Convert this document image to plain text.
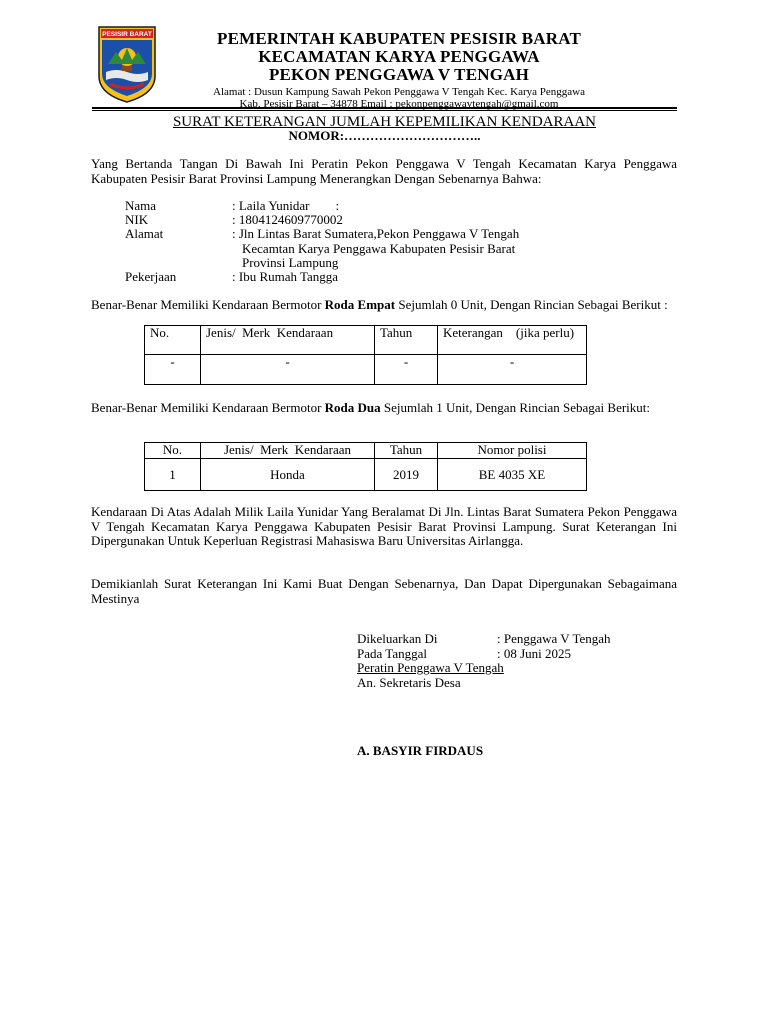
PESISIR BARAT	PEMERINTAH KABUPATEN PESISIR BARAT
KECAMATAN KARYA PENGGAWA
PEKON PENGGAWA V TENGAH
Alamat : Dusun Kampung Sawah Pekon Penggawa V Tengah Kec. Karya Penggawa
Kab. Pesisir Barat – 34878 Email : pekonpenggawavtengah@gmail.com
SURAT KETERANGAN JUMLAH KEPEMILIKAN KENDARAAN
NOMOR:…………………………..
Yang Bertanda Tangan Di Bawah Ini Peratin Pekon Penggawa V Tengah Kecamatan Karya Penggawa Kabupaten Pesisir Barat Provinsi Lampung Menerangkan Dengan Sebenarnya Bahwa:
Nama	: Laila Yunidar        :
NIK	: 1804124609770002
Alamat	: Jln Lintas Barat Sumatera,Pekon Penggawa V Tengah
Kecamtan Karya Penggawa Kabupaten Pesisir Barat
Provinsi Lampung
Pekerjaan	: Ibu Rumah Tangga
Benar-Benar Memiliki Kendaraan Bermotor Roda Empat Sejumlah 0 Unit, Dengan Rincian Sebagai Berikut :
No.	Jenis/  Merk  Kendaraan	Tahun	Keterangan    (jika perlu)
-	-	-	-
Benar-Benar Memiliki Kendaraan Bermotor Roda Dua Sejumlah 1 Unit, Dengan Rincian Sebagai Berikut:
No.	Jenis/  Merk  Kendaraan	Tahun	Nomor polisi
1	Honda	2019	BE 4035 XE
Kendaraan Di Atas Adalah Milik Laila Yunidar Yang Beralamat Di Jln. Lintas Barat Sumatera Pekon Penggawa V Tengah Kecamatan Karya Penggawa Kabupaten Pesisir Barat Provinsi Lampung. Surat Keterangan Ini Dipergunakan Untuk Keperluan Registrasi Mahasiswa Baru Universitas Airlangga.
Demikianlah Surat Keterangan Ini Kami Buat Dengan Sebenarnya, Dan Dapat Dipergunakan Sebagaimana Mestinya
Dikeluarkan Di	: Penggawa V Tengah
Pada Tanggal	: 08 Juni 2025
Peratin Penggawa V Tengah
An. Sekretaris Desa
A. BASYIR FIRDAUS
